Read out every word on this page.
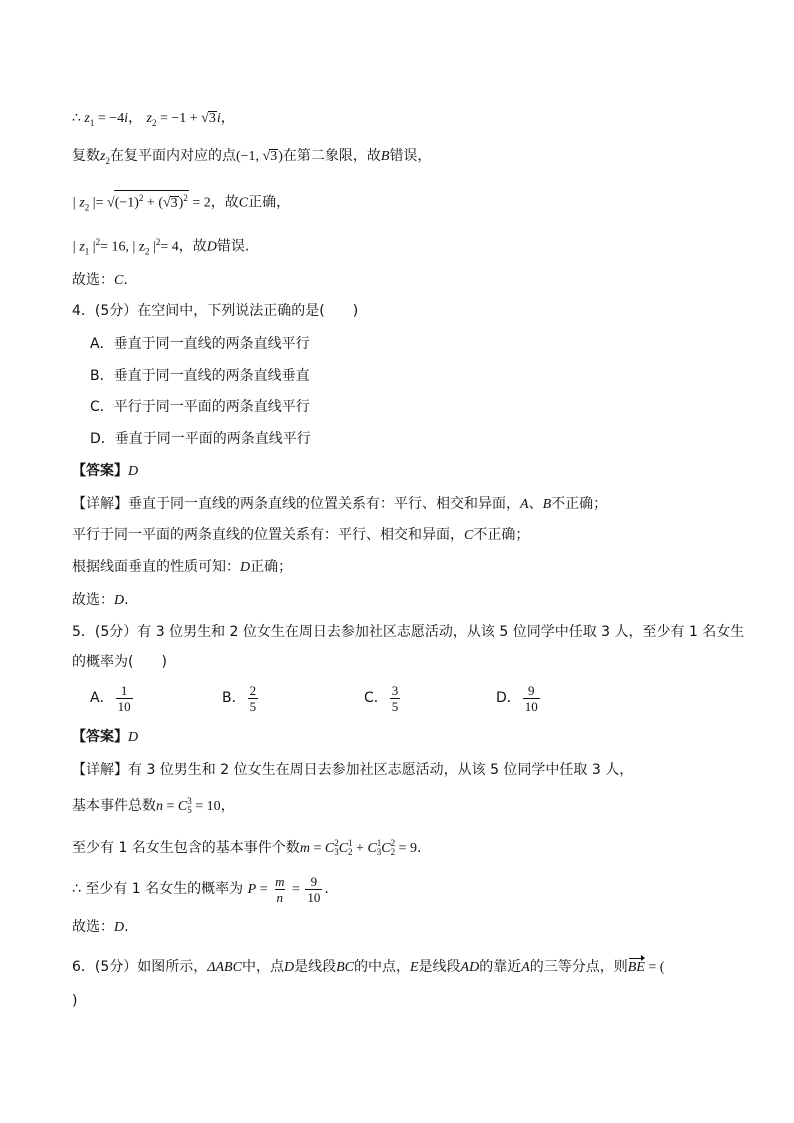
∴ $z_1 = -4i$， $z_2 = -1 + √3i$，
复数$z_2$在复平面内对应的点(−1, √3)在第二象限，故B错误，
| $z_2$ |= $√(-1)^2 + (√3)^2 = 2$，故C正确，
| $z_1$ $|^2= 16$, | $z_2$ $|^2= 4$，故D错误.
故选：C.
4．(5分）在空间中，下列说法正确的是(　　)
A．垂直于同一直线的两条直线平行
B．垂直于同一直线的两条直线垂直
C．平行于同一平面的两条直线平行
D．垂直于同一平面的两条直线平行
【答案】D
【详解】垂直于同一直线的两条直线的位置关系有：平行、相交和异面，A、B不正确；
平行于同一平面的两条直线的位置关系有：平行、相交和异面，C不正确；
根据线面垂直的性质可知：D正确；
故选：D.
5．(5分）有 3 位男生和 2 位女生在周日去参加社区志愿活动，从该 5 位同学中任取 3 人，至少有 1 名女生
的概率为(　　)
A． $\frac{1}{10}$	B． $\frac{2}{5}$	C． $\frac{3}{5}$	D． $\frac{9}{10}$
【答案】D
【详解】有 3 位男生和 2 位女生在周日去参加社区志愿活动，从该 5 位同学中任取 3 人，
基本事件总数n = C 3
5 = 10，
至少有 1 名女生包含的基本事件个数m = C 2
3 C 1
2 + C 1
3 C 2
2 = 9.
∴ 至少有 1 名女生的概率为 $P = \frac{m}{n} = \frac{9}{10}$ .
故选：D.
6．(5分）如图所示，ΔABC中，点D是线段BC的中点，E是线段AD的靠近A的三等分点，则BE = (
)
